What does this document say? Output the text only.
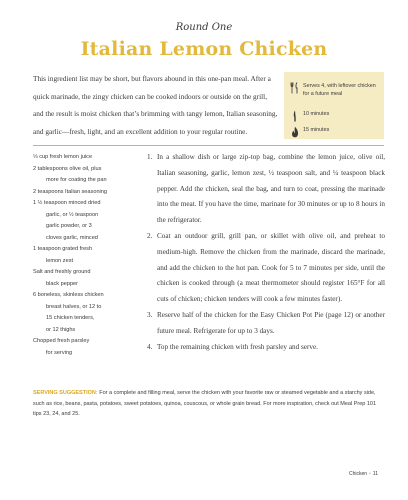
Round One
Italian Lemon Chicken
This ingredient list may be short, but flavors abound in this one-pan meal. After a quick marinade, the zingy chicken can be cooked indoors or outside on the grill, and the result is moist chicken that’s brimming with tangy lemon, Italian seasoning, and garlic—fresh, light, and an excellent addition to your regular routine.
Serves 4, with leftover chicken for a future meal
10 minutes
15 minutes
⅓ cup fresh lemon juice
2 tablespoons olive oil, plus
more for coating the pan
2 teaspoons Italian seasoning
1 ½ teaspoon minced dried
garlic, or ½ teaspoon
garlic powder, or 3
cloves garlic, minced
1 teaspoon grated fresh
lemon zest
Salt and freshly ground
black pepper
6 boneless, skinless chicken
breast halves, or 12 to
15 chicken tenders,
or 12 thighs
Chopped fresh parsley
for serving
1. In a shallow dish or large zip-top bag, combine the lemon juice, olive oil, Italian seasoning, garlic, lemon zest, ½ teaspoon salt, and ¼ teaspoon black pepper. Add the chicken, seal the bag, and turn to coat, pressing the marinade into the meat. If you have the time, marinate for 30 minutes or up to 8 hours in the refrigerator.
2. Coat an outdoor grill, grill pan, or skillet with olive oil, and preheat to medium-high. Remove the chicken from the marinade, discard the marinade, and add the chicken to the hot pan. Cook for 5 to 7 minutes per side, until the chicken is cooked through (a meat thermometer should register 165°F for all cuts of chicken; chicken tenders will cook a few minutes faster).
3. Reserve half of the chicken for the Easy Chicken Pot Pie (page 12) or another future meal. Refrigerate for up to 3 days.
4. Top the remaining chicken with fresh parsley and serve.
SERVING SUGGESTION: For a complete and filling meal, serve the chicken with your favorite raw or steamed vegetable and a starchy side, such as rice, beans, pasta, potatoes, sweet potatoes, quinoa, couscous, or whole grain bread. For more inspiration, check out Meal Prep 101 tips 23, 24, and 25.
Chicken • 11
